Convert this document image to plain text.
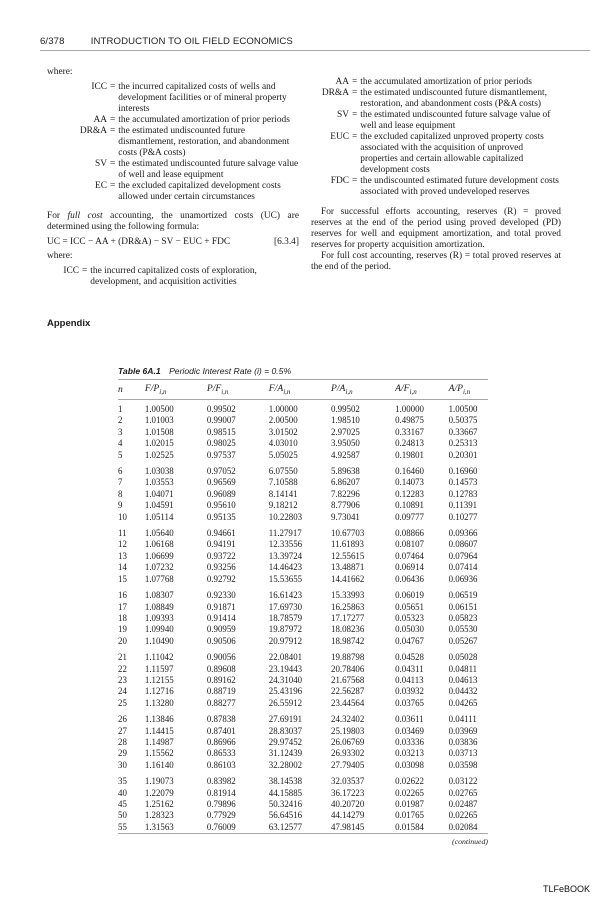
6/378	INTRODUCTION TO OIL FIELD ECONOMICS

where:

ICC = the incurred capitalized costs of wells and development facilities or of mineral property interests
AA = the accumulated amortization of prior periods
DR&A = the estimated undiscounted future dismantlement, restoration, and abandonment costs (P&A costs)
SV = the estimated undiscounted future salvage value of well and lease equipment
EC = the excluded capitalized development costs allowed under certain circumstances

For full cost accounting, the unamortized costs (UC) are determined using the following formula:

UC = ICC − AA + (DR&A) − SV − EUC + FDC	[6.3.4]

where:

ICC = the incurred capitalized costs of exploration, development, and acquisition activities
AA = the accumulated amortization of prior periods
DR&A = the estimated undiscounted future dismantlement, restoration, and abandonment costs (P&A costs)
SV = the estimated undiscounted future salvage value of well and lease equipment
EUC = the excluded capitalized unproved property costs associated with the acquisition of unproved properties and certain allowable capitalized development costs
FDC = the undiscounted estimated future development costs associated with proved undeveloped reserves

For successful efforts accounting, reserves (R) = proved reserves at the end of the period using proved developed (PD) reserves for well and equipment amortization, and total proved reserves for property acquisition amortization.

For full cost accounting, reserves (R) = total proved reserves at the end of the period.

Appendix
Table 6A.1 Periodic Interest Rate (i) = 0.5%
n	$F/P_{i,n}$	$P/F_{i,n}$	$F/A_{i,n}$	$P/A_{i,n}$	$A/F_{i,n}$	$A/P_{i,n}$
1	1.00500	0.99502	1.00000	0.99502	1.00000	1.00500
2	1.01003	0.99007	2.00500	1.98510	0.49875	0.50375
3	1.01508	0.98515	3.01502	2.97025	0.33167	0.33667
4	1.02015	0.98025	4.03010	3.95050	0.24813	0.25313
5	1.02525	0.97537	5.05025	4.92587	0.19801	0.20301
6	1.03038	0.97052	6.07550	5.89638	0.16460	0.16960
7	1.03553	0.96569	7.10588	6.86207	0.14073	0.14573
8	1.04071	0.96089	8.14141	7.82296	0.12283	0.12783
9	1.04591	0.95610	9.18212	8.77906	0.10891	0.11391
10	1.05114	0.95135	10.22803	9.73041	0.09777	0.10277
11	1.05640	0.94661	11.27917	10.67703	0.08866	0.09366
12	1.06168	0.94191	12.33556	11.61893	0.08107	0.08607
13	1.06699	0.93722	13.39724	12.55615	0.07464	0.07964
14	1.07232	0.93256	14.46423	13.48871	0.06914	0.07414
15	1.07768	0.92792	15.53655	14.41662	0.06436	0.06936
16	1.08307	0.92330	16.61423	15.33993	0.06019	0.06519
17	1.08849	0.91871	17.69730	16.25863	0.05651	0.06151
18	1.09393	0.91414	18.78579	17.17277	0.05323	0.05823
19	1.09940	0.90959	19.87972	18.08236	0.05030	0.05530
20	1.10490	0.90506	20.97912	18.98742	0.04767	0.05267
21	1.11042	0.90056	22.08401	19.88798	0.04528	0.05028
22	1.11597	0.89608	23.19443	20.78406	0.04311	0.04811
23	1.12155	0.89162	24.31040	21.67568	0.04113	0.04613
24	1.12716	0.88719	25.43196	22.56287	0.03932	0.04432
25	1.13280	0.88277	26.55912	23.44564	0.03765	0.04265
26	1.13846	0.87838	27.69191	24.32402	0.03611	0.04111
27	1.14415	0.87401	28.83037	25.19803	0.03469	0.03969
28	1.14987	0.86966	29.97452	26.06769	0.03336	0.03836
29	1.15562	0.86533	31.12439	26.93302	0.03213	0.03713
30	1.16140	0.86103	32.28002	27.79405	0.03098	0.03598
35	1.19073	0.83982	38.14538	32.03537	0.02622	0.03122
40	1.22079	0.81914	44.15885	36.17223	0.02265	0.02765
45	1.25162	0.79896	50.32416	40.20720	0.01987	0.02487
50	1.28323	0.77929	56.64516	44.14279	0.01765	0.02265
55	1.31563	0.76009	63.12577	47.98145	0.01584	0.02084
(continued)
TLFeBOOK
